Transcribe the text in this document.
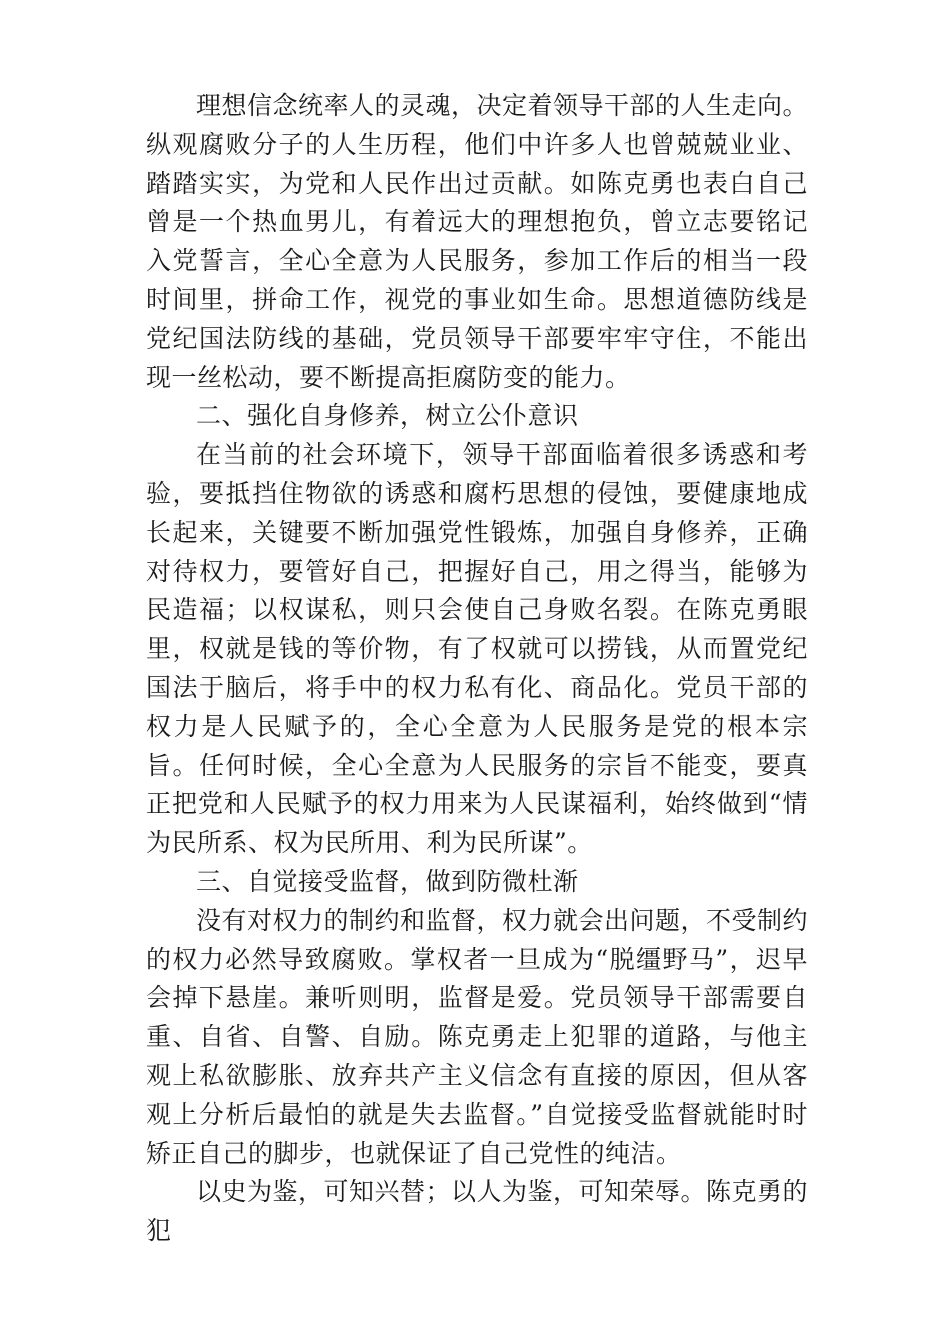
理想信念统率人的灵魂，决定着领导干部的人生走向。纵观腐败分子的人生历程，他们中许多人也曾兢兢业业、踏踏实实，为党和人民作出过贡献。如陈克勇也表白自己曾是一个热血男儿，有着远大的理想抱负，曾立志要铭记入党誓言，全心全意为人民服务，参加工作后的相当一段时间里，拼命工作，视党的事业如生命。思想道德防线是党纪国法防线的基础，党员领导干部要牢牢守住，不能出现一丝松动，要不断提高拒腐防变的能力。

二、强化自身修养，树立公仆意识

在当前的社会环境下，领导干部面临着很多诱惑和考验，要抵挡住物欲的诱惑和腐朽思想的侵蚀，要健康地成长起来，关键要不断加强党性锻炼，加强自身修养，正确对待权力，要管好自己，把握好自己，用之得当，能够为民造福；以权谋私，则只会使自己身败名裂。在陈克勇眼里，权就是钱的等价物，有了权就可以捞钱，从而置党纪国法于脑后，将手中的权力私有化、商品化。党员干部的权力是人民赋予的，全心全意为人民服务是党的根本宗旨。任何时候，全心全意为人民服务的宗旨不能变，要真正把党和人民赋予的权力用来为人民谋福利，始终做到“情为民所系、权为民所用、利为民所谋”。

三、自觉接受监督，做到防微杜渐

没有对权力的制约和监督，权力就会出问题，不受制约的权力必然导致腐败。掌权者一旦成为“脱缰野马”，迟早会掉下悬崖。兼听则明，监督是爱。党员领导干部需要自重、自省、自警、自励。陈克勇走上犯罪的道路，与他主观上私欲膨胀、放弃共产主义信念有直接的原因，但从客观上分析后最怕的就是失去监督。”自觉接受监督就能时时矫正自己的脚步，也就保证了自己党性的纯洁。

以史为鉴，可知兴替；以人为鉴，可知荣辱。陈克勇的犯
